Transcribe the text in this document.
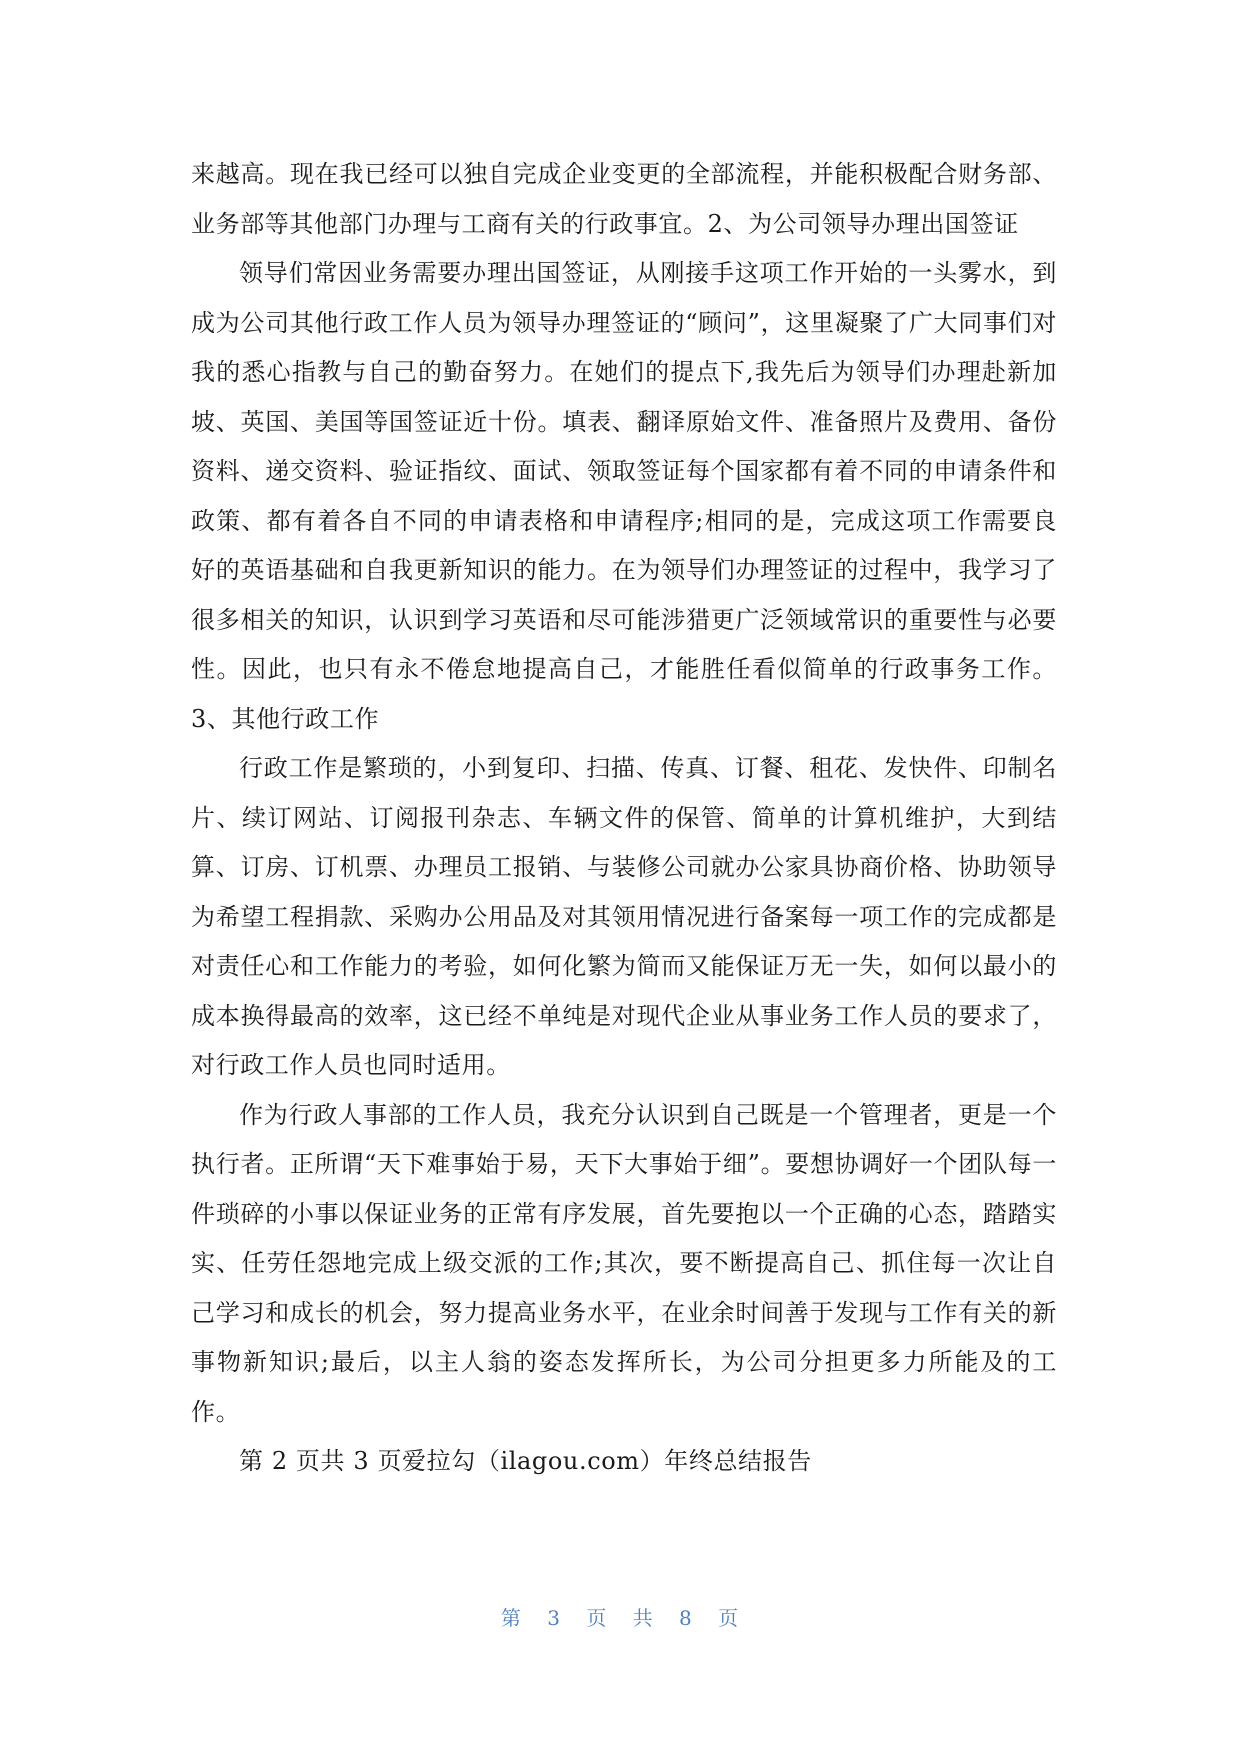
来越高。现在我已经可以独自完成企业变更的全部流程，并能积极配合财务部、业务部等其他部门办理与工商有关的行政事宜。2、为公司领导办理出国签证

领导们常因业务需要办理出国签证，从刚接手这项工作开始的一头雾水，到成为公司其他行政工作人员为领导办理签证的“顾问”，这里凝聚了广大同事们对我的悉心指教与自己的勤奋努力。在她们的提点下,我先后为领导们办理赴新加坡、英国、美国等国签证近十份。填表、翻译原始文件、准备照片及费用、备份资料、递交资料、验证指纹、面试、领取签证每个国家都有着不同的申请条件和政策、都有着各自不同的申请表格和申请程序;相同的是，完成这项工作需要良好的英语基础和自我更新知识的能力。在为领导们办理签证的过程中，我学习了很多相关的知识，认识到学习英语和尽可能涉猎更广泛领域常识的重要性与必要性。因此，也只有永不倦怠地提高自己，才能胜任看似简单的行政事务工作。3、其他行政工作

行政工作是繁琐的，小到复印、扫描、传真、订餐、租花、发快件、印制名片、续订网站、订阅报刊杂志、车辆文件的保管、简单的计算机维护，大到结算、订房、订机票、办理员工报销、与装修公司就办公家具协商价格、协助领导为希望工程捐款、采购办公用品及对其领用情况进行备案每一项工作的完成都是对责任心和工作能力的考验，如何化繁为简而又能保证万无一失，如何以最小的成本换得最高的效率，这已经不单纯是对现代企业从事业务工作人员的要求了，对行政工作人员也同时适用。

作为行政人事部的工作人员，我充分认识到自己既是一个管理者，更是一个执行者。正所谓“天下难事始于易，天下大事始于细”。要想协调好一个团队每一件琐碎的小事以保证业务的正常有序发展，首先要抱以一个正确的心态，踏踏实实、任劳任怨地完成上级交派的工作;其次，要不断提高自己、抓住每一次让自己学习和成长的机会，努力提高业务水平，在业余时间善于发现与工作有关的新事物新知识;最后，以主人翁的姿态发挥所长，为公司分担更多力所能及的工作。

第 2 页共 3 页爱拉勾（ilagou.com）年终总结报告

第 3 页 共 8 页
